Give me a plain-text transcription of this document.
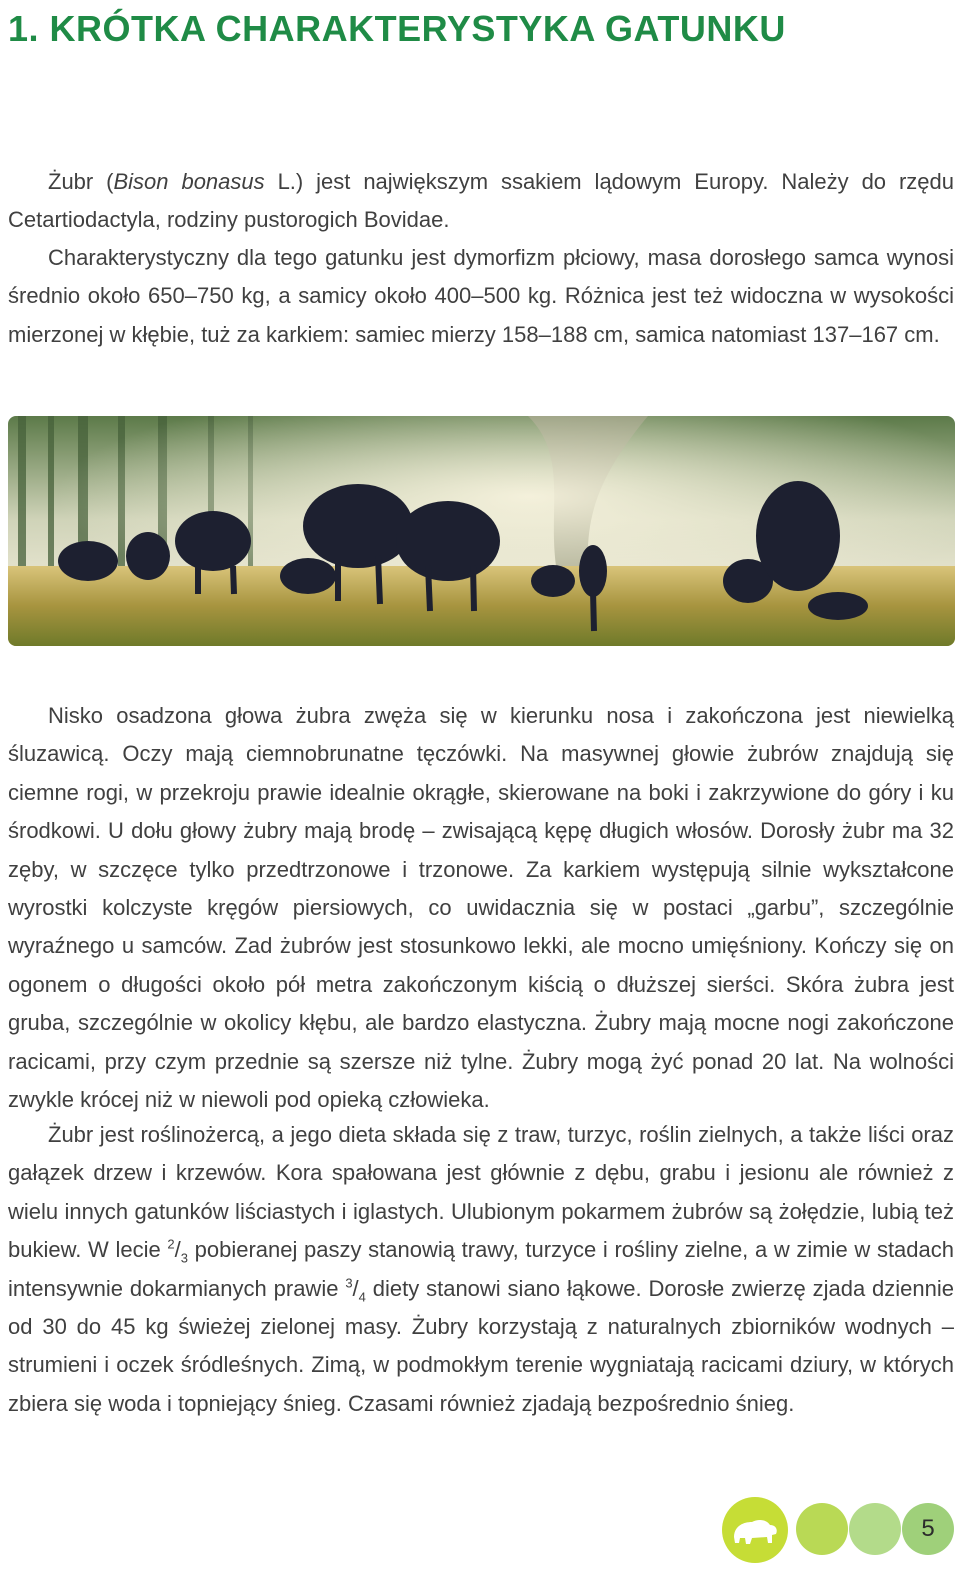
1. KRÓTKA CHARAKTERYSTYKA GATUNKU

Żubr (Bison bonasus L.) jest największym ssakiem lądowym Europy. Należy do rzędu Cetartiodactyla, rodziny pustorogich Bovidae.

Charakterystyczny dla tego gatunku jest dymorfizm płciowy, masa dorosłego samca wynosi średnio około 650–750 kg, a samicy około 400–500 kg. Różnica jest też widoczna w wysokości mierzonej w kłębie, tuż za karkiem: samiec mierzy 158–188 cm, samica natomiast 137–167 cm.

Nisko osadzona głowa żubra zwęża się w kierunku nosa i zakończona jest niewielką śluzawicą. Oczy mają ciemnobrunatne tęczówki. Na masywnej głowie żubrów znajdują się ciemne rogi, w przekroju prawie idealnie okrągłe, skierowane na boki i zakrzywione do góry i ku środkowi. U dołu głowy żubry mają brodę – zwisającą kępę długich włosów. Dorosły żubr ma 32 zęby, w szczęce tylko przedtrzonowe i trzonowe. Za karkiem występują silnie wykształcone wyrostki kolczyste kręgów piersiowych, co uwidacznia się w postaci „garbu”, szczególnie wyraźnego u samców. Zad żubrów jest stosunkowo lekki, ale mocno umięśniony. Kończy się on ogonem o długości około pół metra zakończonym kiścią o dłuższej sierści. Skóra żubra jest gruba, szczególnie w okolicy kłębu, ale bardzo elastyczna. Żubry mają mocne nogi zakończone racicami, przy czym przednie są szersze niż tylne. Żubry mogą żyć ponad 20 lat. Na wolności zwykle krócej niż w niewoli pod opieką człowieka.

Żubr jest roślinożercą, a jego dieta składa się z traw, turzyc, roślin zielnych, a także liści oraz gałązek drzew i krzewów. Kora spałowana jest głównie z dębu, grabu i jesionu ale również z wielu innych gatunków liściastych i iglastych. Ulubionym pokarmem żubrów są żołędzie, lubią też bukiew. W lecie $^2/_3$ pobieranej paszy stanowią trawy, turzyce i rośliny zielne, a w zimie w stadach intensywnie dokarmianych prawie $^3/_4$ diety stanowi siano łąkowe. Dorosłe zwierzę zjada dziennie od 30 do 45 kg świeżej zielonej masy. Żubry korzystają z naturalnych zbiorników wodnych – strumieni i oczek śródleśnych. Zimą, w podmokłym terenie wygniatają racicami dziury, w których zbiera się woda i topniejący śnieg. Czasami również zjadają bezpośrednio śnieg.

5
